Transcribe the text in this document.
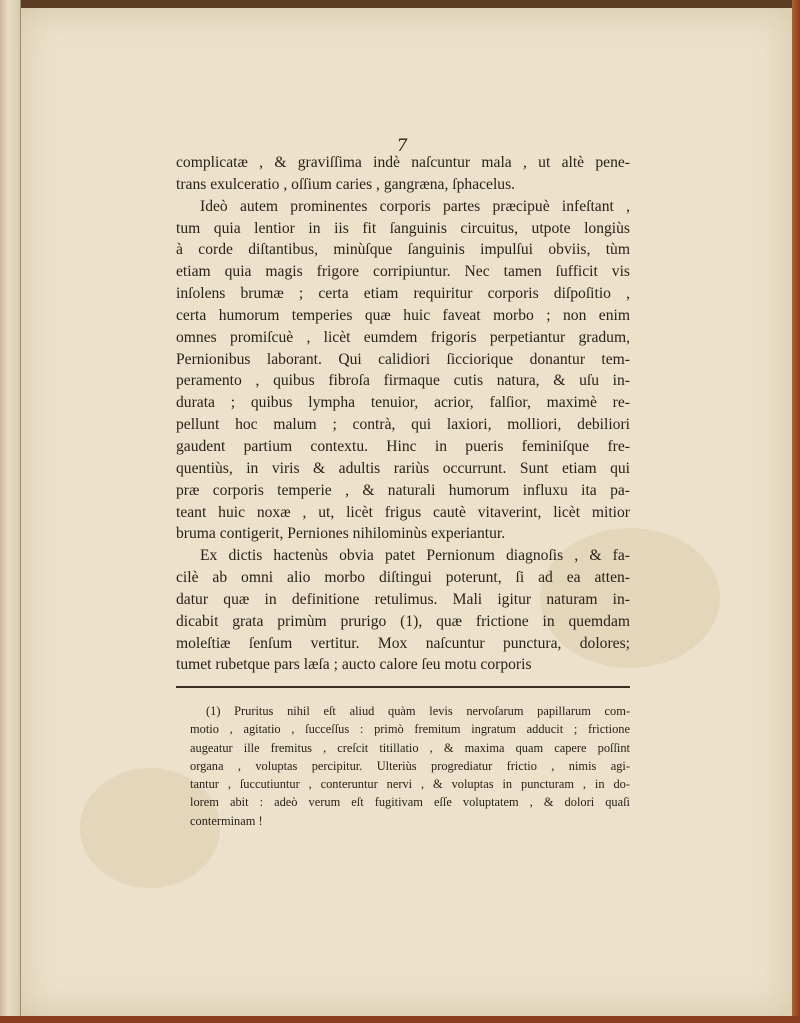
7
complicatæ , & graviſſima indè naſcuntur mala , ut altè pene-
trans exulceratio , oſſium caries , gangræna, ſphacelus.
Ideò autem prominentes corporis partes præcipuè infeſtant ,
tum quia lentior in iis fit ſanguinis circuitus, utpote longiùs
à corde diſtantibus, minùſque ſanguinis impulſui obviis, tùm
etiam quia magis frigore corripiuntur. Nec tamen ſufficit vis
inſolens brumæ ; certa etiam requiritur corporis diſpoſitio ,
certa humorum temperies quæ huic faveat morbo ; non enim
omnes promiſcuè , licèt eumdem frigoris perpetiantur gradum,
Pernionibus laborant. Qui calidiori ſicciorique donantur tem-
peramento , quibus fibroſa firmaque cutis natura, & uſu in-
durata ; quibus lympha tenuior, acrior, falſior, maximè re-
pellunt hoc malum ; contrà, qui laxiori, molliori, debiliori
gaudent partium contextu. Hinc in pueris feminiſque fre-
quentiùs, in viris & adultis rariùs occurrunt. Sunt etiam qui
præ corporis temperie , & naturali humorum influxu ita pa-
teant huic noxæ , ut, licèt frigus cautè vitaverint, licèt mitior
bruma contigerit, Perniones nihilominùs experiantur.
Ex dictis hactenùs obvia patet Pernionum diagnoſis , & fa-
cilè ab omni alio morbo diſtingui poterunt, ſi ad ea atten-
datur quæ in definitione retulimus. Mali igitur naturam in-
dicabit grata primùm prurigo (1), quæ frictione in quemdam
moleſtiæ ſenſum vertitur. Mox naſcuntur punctura, dolores;
tumet rubetque pars læſa ; aucto calore ſeu motu corporis
(1) Pruritus nihil eſt aliud quàm levis nervoſarum papillarum com-
motio , agitatio , ſucceſſus : primò fremitum ingratum adducit ; frictione
augeatur ille fremitus , creſcit titillatio , & maxima quam capere poſſint
organa , voluptas percipitur. Ulteriùs progrediatur frictio , nimis agi-
tantur , ſuccutiuntur , conteruntur nervi , & voluptas in puncturam , in do-
lorem abit : adeò verum eſt fugitivam eſſe voluptatem , & dolori quaſi
conterminam !
